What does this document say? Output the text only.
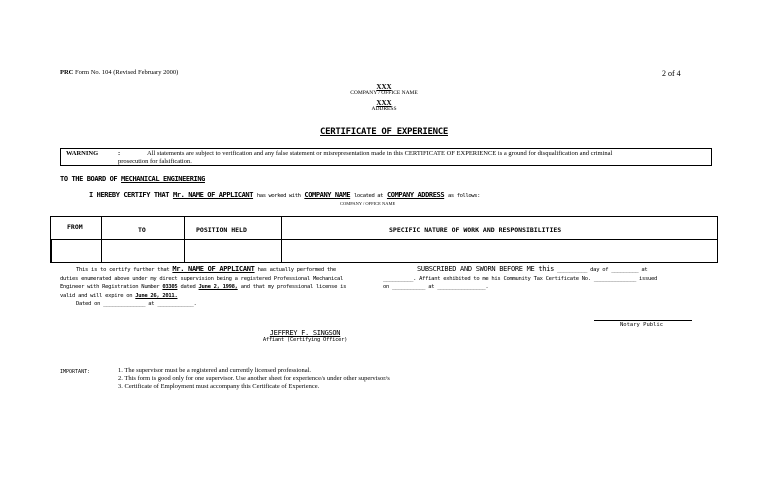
PRC Form No. 104 (Revised February 2000)	2 of 4
XXX
COMPANY / OFFICE NAME
XXX
ADDRESS
CERTIFICATE OF EXPERIENCE
WARNING	:	All statements are subject to verification and any false statement or misrepresentation made in this CERTIFICATE OF EXPERIENCE is a ground for disqualification and criminal
prosecution for falsification.
TO THE BOARD OF MECHANICAL ENGINEERING
I HEREBY CERTIFY THAT Mr. NAME OF APPLICANT has worked with COMPANY NAME located at COMPANY ADDRESS as follows:
COMPANY / OFFICE NAME
FROM	TO	POSITION HELD	SPECIFIC NATURE OF WORK AND RESPONSIBILITIES
This is to certify further that Mr. NAME OF APPLICANT has actually performed the
duties enumerated above under my direct supervision being a registered Professional Mechanical
Engineer with Registration Number 03305 dated June 2, 1998, and that my professional license is
valid and will expire on June 26, 2011.
Dated on ______________ at ____________.
SUBSCRIBED AND SWORN BEFORE ME this __________ day of _________ at
__________. Affiant exhibited to me his Community Tax Certificate No. ______________ issued
on ___________ at ________________.
Notary Public
JEFFREY F. SINGSON
Affiant (Certifying Officer)
IMPORTANT:	1. The supervisor must be a registered and currently licensed professional.
2. This form is good only for one supervisor. Use another sheet for experience/s under other supervisor/s
3. Certificate of Employment must accompany this Certificate of Experience.
